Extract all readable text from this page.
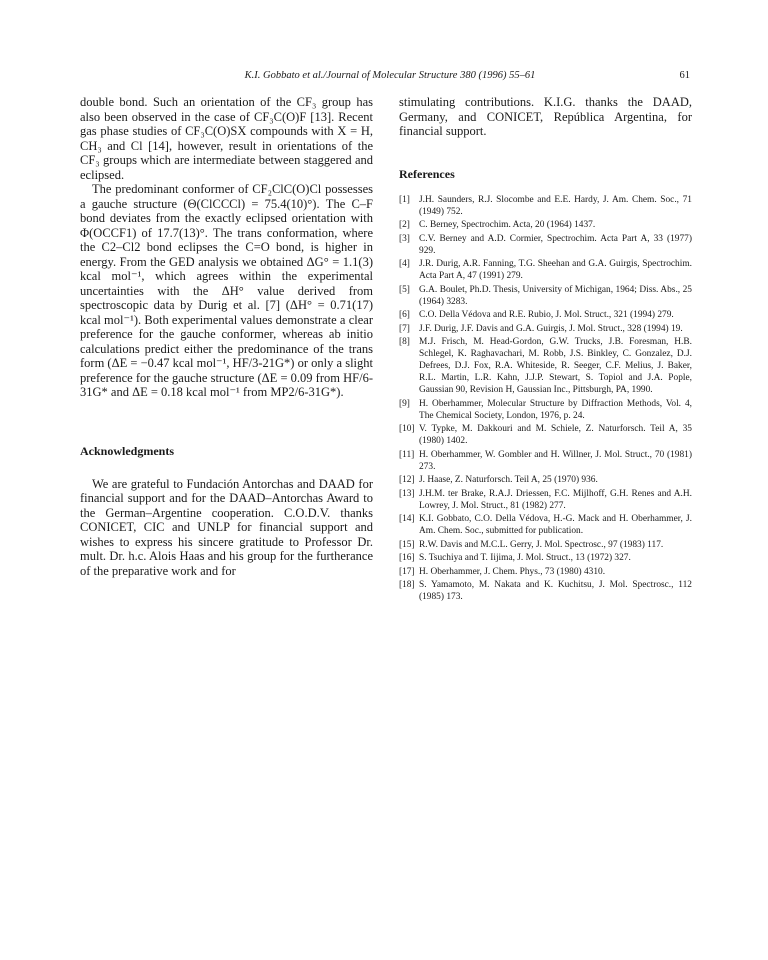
K.I. Gobbato et al./Journal of Molecular Structure 380 (1996) 55–61	61

double bond. Such an orientation of the CF₃ group has also been observed in the case of CF₃C(O)F [13]. Recent gas phase studies of CF₃C(O)SX compounds with X = H, CH₃ and Cl [14], however, result in orientations of the CF₃ groups which are intermediate between staggered and eclipsed.

The predominant conformer of CF₂ClC(O)Cl possesses a gauche structure (Θ(ClCCCl) = 75.4(10)°). The C–F bond deviates from the exactly eclipsed orientation with Φ(OCCF1) of 17.7(13)°. The trans conformation, where the C2–Cl2 bond eclipses the C=O bond, is higher in energy. From the GED analysis we obtained ΔG° = 1.1(3) kcal mol⁻¹, which agrees within the experimental uncertainties with the ΔH° value derived from spectroscopic data by Durig et al. [7] (ΔH° = 0.71(17) kcal mol⁻¹). Both experimental values demonstrate a clear preference for the gauche conformer, whereas ab initio calculations predict either the predominance of the trans form (ΔE = −0.47 kcal mol⁻¹, HF/3-21G*) or only a slight preference for the gauche structure (ΔE = 0.09 from HF/6-31G* and ΔE = 0.18 kcal mol⁻¹ from MP2/6-31G*).

Acknowledgments

We are grateful to Fundación Antorchas and DAAD for financial support and for the DAAD–Antorchas Award to the German–Argentine cooperation. C.O.D.V. thanks CONICET, CIC and UNLP for financial support and wishes to express his sincere gratitude to Professor Dr. mult. Dr. h.c. Alois Haas and his group for the furtherance of the preparative work and for

stimulating contributions. K.I.G. thanks the DAAD, Germany, and CONICET, República Argentina, for financial support.

References
[1] J.H. Saunders, R.J. Slocombe and E.E. Hardy, J. Am. Chem. Soc., 71 (1949) 752.
[2] C. Berney, Spectrochim. Acta, 20 (1964) 1437.
[3] C.V. Berney and A.D. Cormier, Spectrochim. Acta Part A, 33 (1977) 929.
[4] J.R. Durig, A.R. Fanning, T.G. Sheehan and G.A. Guirgis, Spectrochim. Acta Part A, 47 (1991) 279.
[5] G.A. Boulet, Ph.D. Thesis, University of Michigan, 1964; Diss. Abs., 25 (1964) 3283.
[6] C.O. Della Védova and R.E. Rubio, J. Mol. Struct., 321 (1994) 279.
[7] J.F. Durig, J.F. Davis and G.A. Guirgis, J. Mol. Struct., 328 (1994) 19.
[8] M.J. Frisch, M. Head-Gordon, G.W. Trucks, J.B. Foresman, H.B. Schlegel, K. Raghavachari, M. Robb, J.S. Binkley, C. Gonzalez, D.J. Defrees, D.J. Fox, R.A. Whiteside, R. Seeger, C.F. Melius, J. Baker, R.L. Martin, L.R. Kahn, J.J.P. Stewart, S. Topiol and J.A. Pople, Gaussian 90, Revision H, Gaussian Inc., Pittsburgh, PA, 1990.
[9] H. Oberhammer, Molecular Structure by Diffraction Methods, Vol. 4, The Chemical Society, London, 1976, p. 24.
[10] V. Typke, M. Dakkouri and M. Schiele, Z. Naturforsch. Teil A, 35 (1980) 1402.
[11] H. Oberhammer, W. Gombler and H. Willner, J. Mol. Struct., 70 (1981) 273.
[12] J. Haase, Z. Naturforsch. Teil A, 25 (1970) 936.
[13] J.H.M. ter Brake, R.A.J. Driessen, F.C. Mijlhoff, G.H. Renes and A.H. Lowrey, J. Mol. Struct., 81 (1982) 277.
[14] K.I. Gobbato, C.O. Della Védova, H.-G. Mack and H. Oberhammer, J. Am. Chem. Soc., submitted for publication.
[15] R.W. Davis and M.C.L. Gerry, J. Mol. Spectrosc., 97 (1983) 117.
[16] S. Tsuchiya and T. Iijima, J. Mol. Struct., 13 (1972) 327.
[17] H. Oberhammer, J. Chem. Phys., 73 (1980) 4310.
[18] S. Yamamoto, M. Nakata and K. Kuchitsu, J. Mol. Spectrosc., 112 (1985) 173.
